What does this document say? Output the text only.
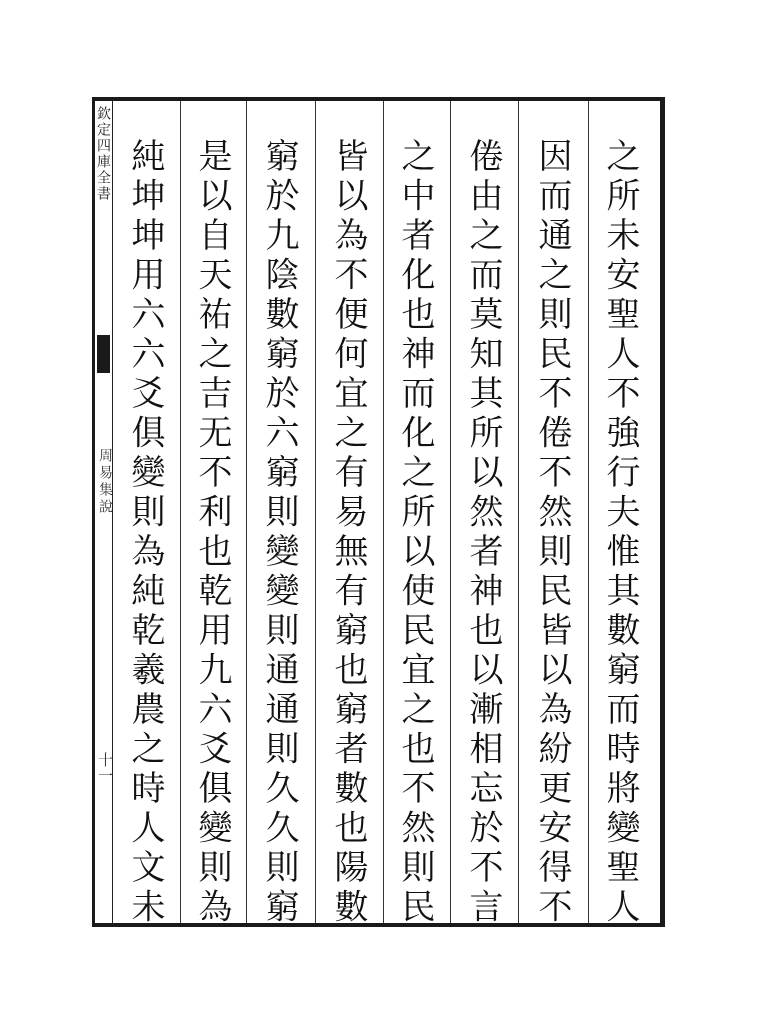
欽定四庫全書
周易集說
十一	之所未安聖人不強行夫惟其數窮而時將變聖人
因而通之則民不倦不然則民皆以為紛更安得不
倦由之而莫知其所以然者神也以漸相忘於不言
之中者化也神而化之所以使民宜之也不然則民
皆以為不便何宜之有易無有窮也窮者數也陽數
窮於九陰數窮於六窮則變變則通通則久久則窮
是以自天祐之吉无不利也乾用九六爻俱變則為
純坤坤用六六爻俱變則為純乾羲農之時人文未
